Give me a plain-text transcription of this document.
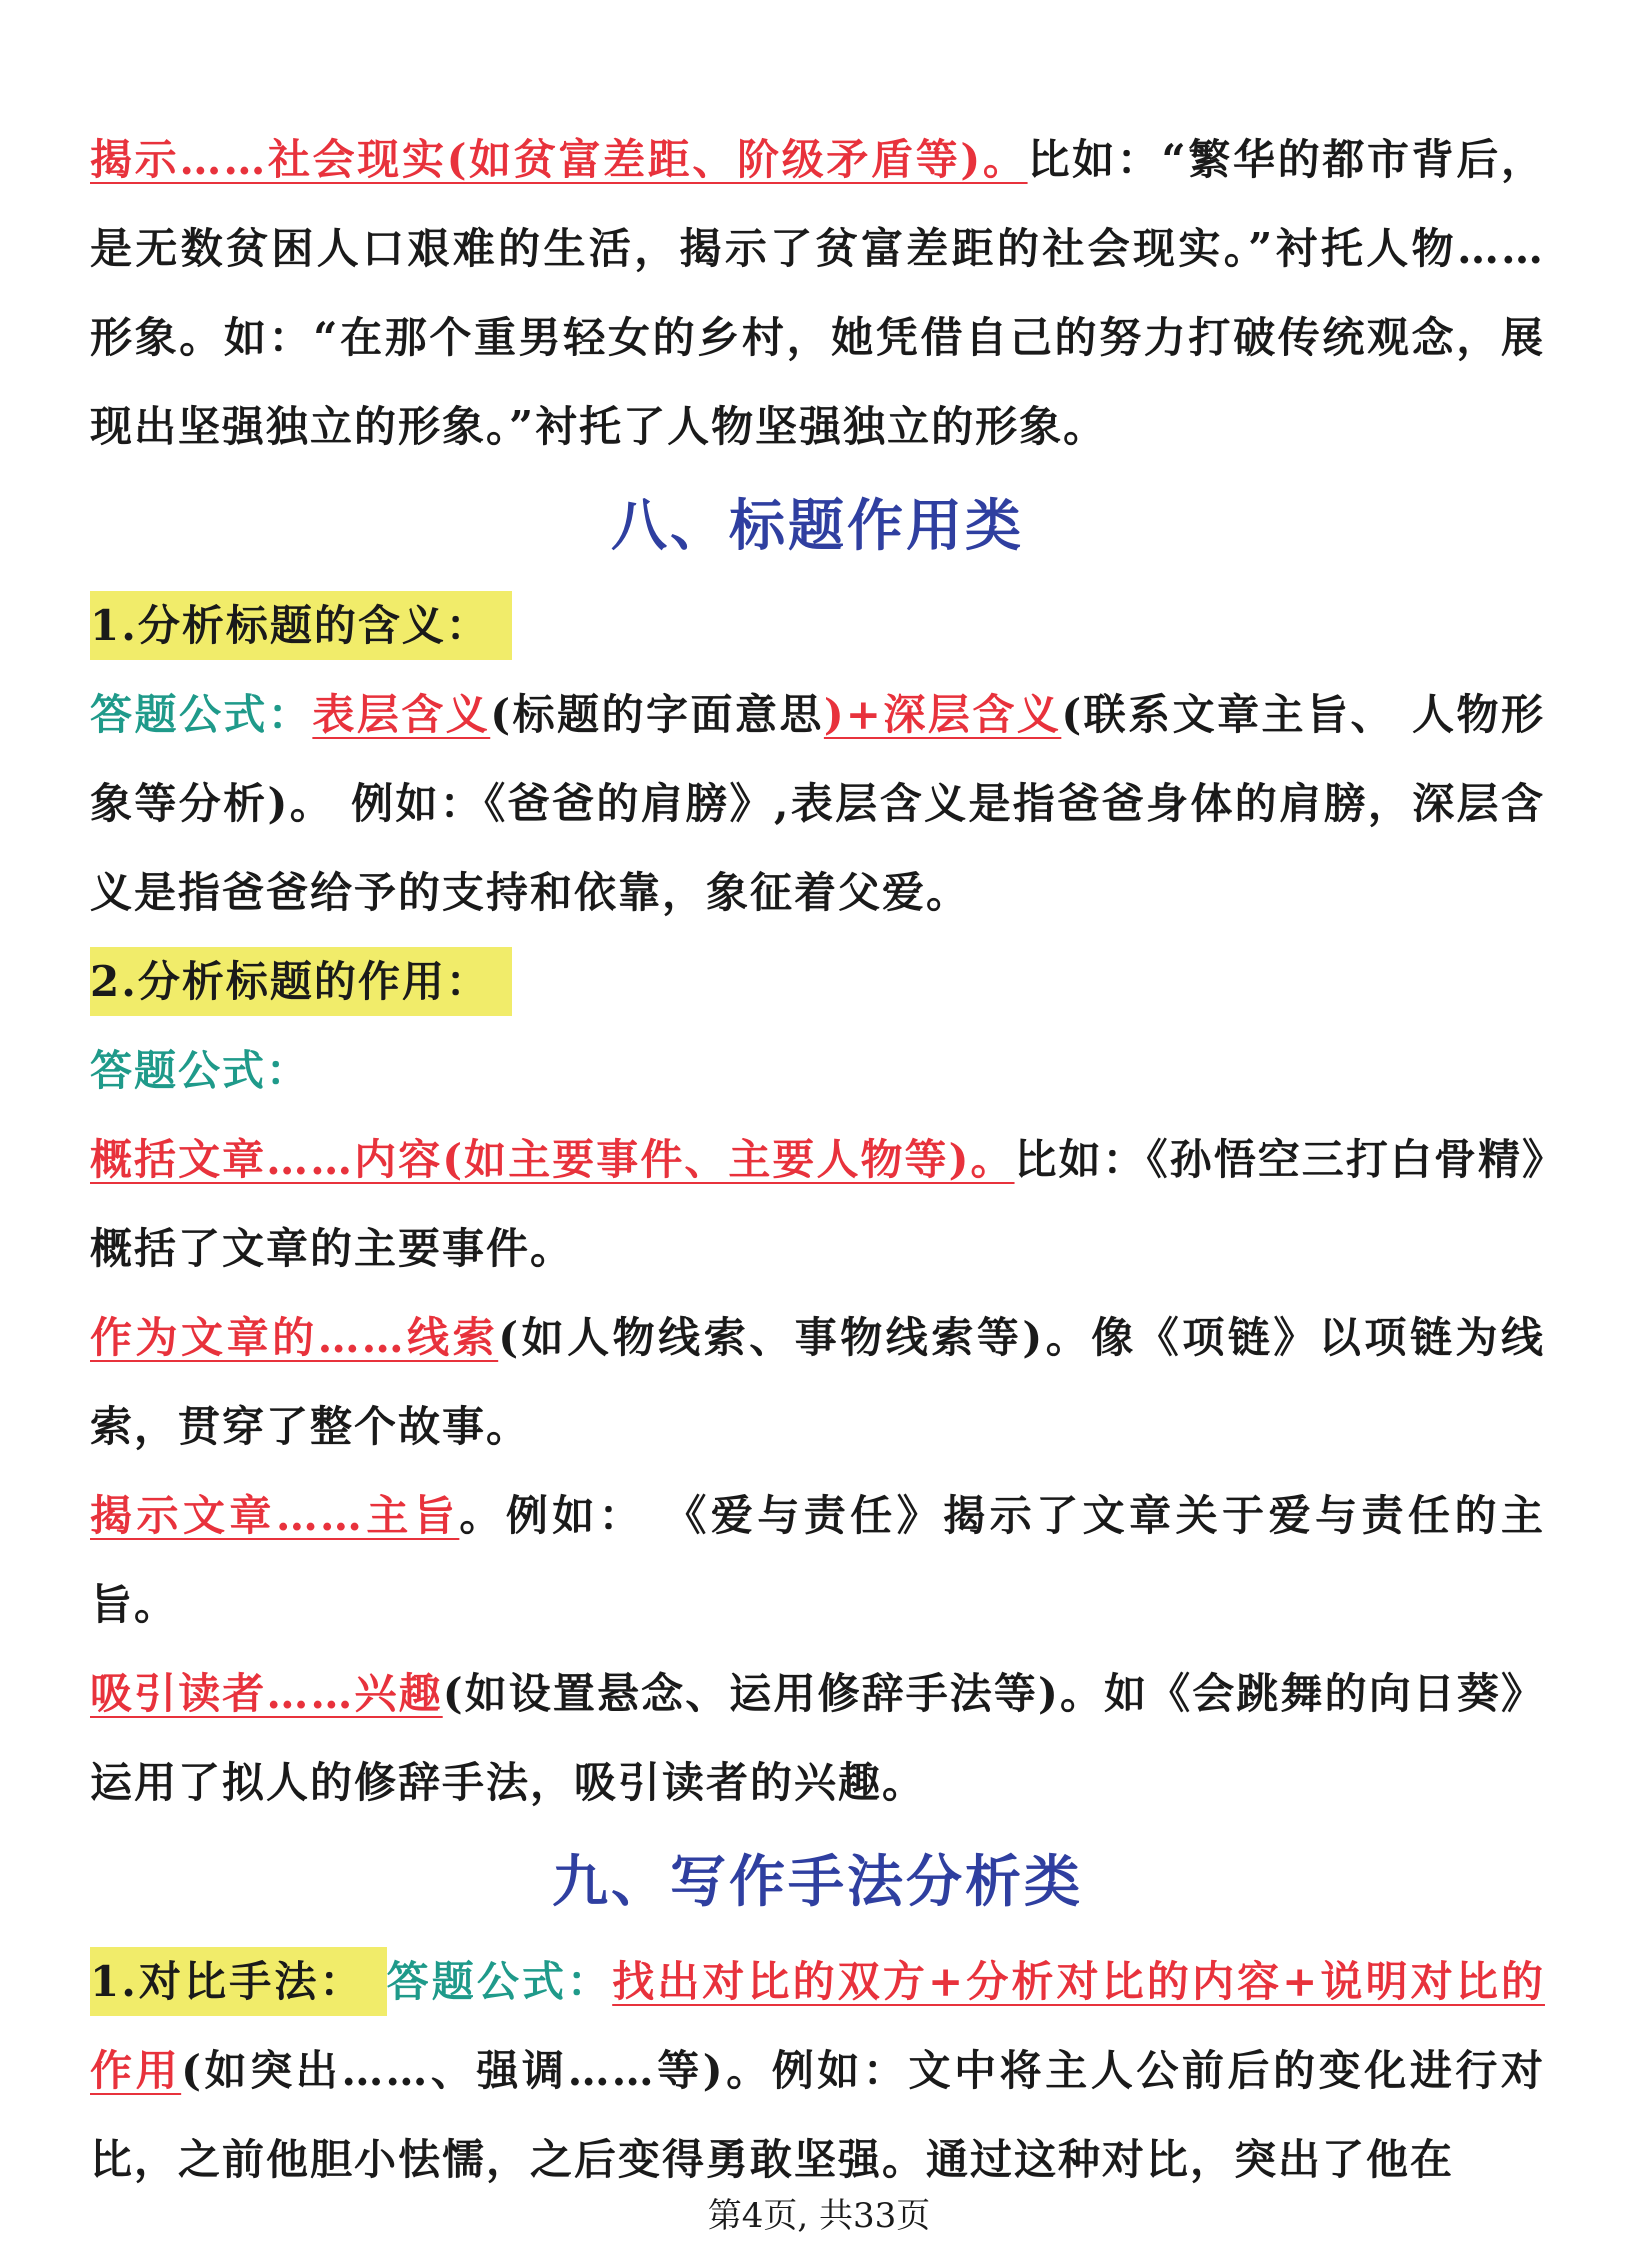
揭示……社会现实(如贫富差距、阶级矛盾等)。比如：“繁华的都市背后，是无数贫困人口艰难的生活，揭示了贫富差距的社会现实。”衬托人物……形象。如：“在那个重男轻女的乡村，她凭借自己的努力打破传统观念，展现出坚强独立的形象。”衬托了人物坚强独立的形象。
八、标题作用类
1.分析标题的含义：
答题公式：表层含义(标题的字面意思)+深层含义(联系文章主旨、 人物形象等分析)。 例如：《爸爸的肩膀》,表层含义是指爸爸身体的肩膀，深层含义是指爸爸给予的支持和依靠，象征着父爱。
2.分析标题的作用：
答题公式：
概括文章……内容(如主要事件、主要人物等)。比如：《孙悟空三打白骨精》概括了文章的主要事件。
作为文章的……线索(如人物线索、事物线索等)。像《项链》以项链为线索，贯穿了整个故事。
揭示文章……主旨。例如： 《爱与责任》揭示了文章关于爱与责任的主旨。
吸引读者……兴趣(如设置悬念、运用修辞手法等)。如《会跳舞的向日葵》运用了拟人的修辞手法，吸引读者的兴趣。
九、写作手法分析类
1.对比手法： 答题公式：找出对比的双方+分析对比的内容+说明对比的作用(如突出……、强调……等)。例如：文中将主人公前后的变化进行对比，之前他胆小怯懦，之后变得勇敢坚强。通过这种对比，突出了他在
第4页, 共33页
